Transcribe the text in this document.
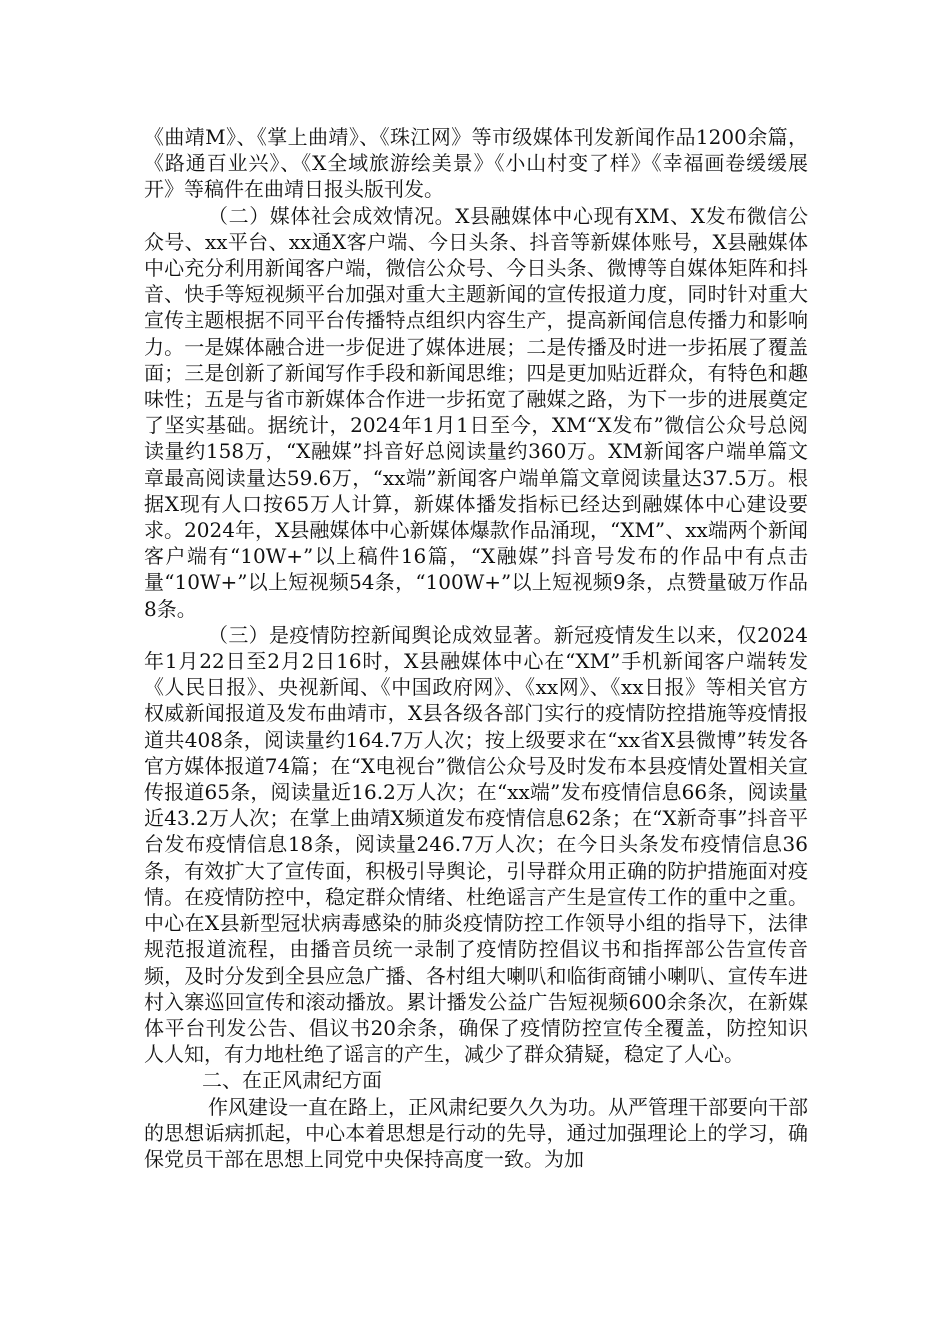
《曲靖M》、《掌上曲靖》、《珠江网》等市级媒体刊发新闻作品1200余篇，《路通百业兴》、《X全域旅游绘美景》《小山村变了样》《幸福画卷缓缓展开》等稿件在曲靖日报头版刊发。

（二）媒体社会成效情况。X县融媒体中心现有XM、X发布微信公众号、xx平台、xx通X客户端、今日头条、抖音等新媒体账号，X县融媒体中心充分利用新闻客户端，微信公众号、今日头条、微博等自媒体矩阵和抖音、快手等短视频平台加强对重大主题新闻的宣传报道力度，同时针对重大宣传主题根据不同平台传播特点组织内容生产，提高新闻信息传播力和影响力。一是媒体融合进一步促进了媒体进展；二是传播及时进一步拓展了覆盖面；三是创新了新闻写作手段和新闻思维；四是更加贴近群众，有特色和趣味性；五是与省市新媒体合作进一步拓宽了融媒之路，为下一步的进展奠定了坚实基础。据统计，2024年1月1日至今，XM“X发布”微信公众号总阅读量约158万，“X融媒”抖音好总阅读量约360万。XM新闻客户端单篇文章最高阅读量达59.6万，“xx端”新闻客户端单篇文章阅读量达37.5万。根据X现有人口按65万人计算，新媒体播发指标已经达到融媒体中心建设要求。2024年，X县融媒体中心新媒体爆款作品涌现，“XM”、xx端两个新闻客户端有“10W+”以上稿件16篇，“X融媒”抖音号发布的作品中有点击量“10W+”以上短视频54条，“100W+”以上短视频9条，点赞量破万作品8条。

（三）是疫情防控新闻舆论成效显著。新冠疫情发生以来，仅2024年1月22日至2月2日16时，X县融媒体中心在“XM”手机新闻客户端转发《人民日报》、央视新闻、《中国政府网》、《xx网》、《xx日报》等相关官方权威新闻报道及发布曲靖市，X县各级各部门实行的疫情防控措施等疫情报道共408条，阅读量约164.7万人次；按上级要求在“xx省X县微博”转发各官方媒体报道74篇；在“X电视台”微信公众号及时发布本县疫情处置相关宣传报道65条，阅读量近16.2万人次；在“xx端”发布疫情信息66条，阅读量近43.2万人次；在掌上曲靖X频道发布疫情信息62条；在“X新奇事”抖音平台发布疫情信息18条，阅读量246.7万人次；在今日头条发布疫情信息36条，有效扩大了宣传面，积极引导舆论，引导群众用正确的防护措施面对疫情。在疫情防控中，稳定群众情绪、杜绝谣言产生是宣传工作的重中之重。中心在X县新型冠状病毒感染的肺炎疫情防控工作领导小组的指导下，法律规范报道流程，由播音员统一录制了疫情防控倡议书和指挥部公告宣传音频，及时分发到全县应急广播、各村组大喇叭和临街商铺小喇叭、宣传车进村入寨巡回宣传和滚动播放。累计播发公益广告短视频600余条次，在新媒体平台刊发公告、倡议书20余条，确保了疫情防控宣传全覆盖，防控知识人人知，有力地杜绝了谣言的产生，减少了群众猜疑，稳定了人心。

二、在正风肃纪方面

作风建设一直在路上，正风肃纪要久久为功。从严管理干部要向干部的思想诟病抓起，中心本着思想是行动的先导，通过加强理论上的学习，确保党员干部在思想上同党中央保持高度一致。为加
